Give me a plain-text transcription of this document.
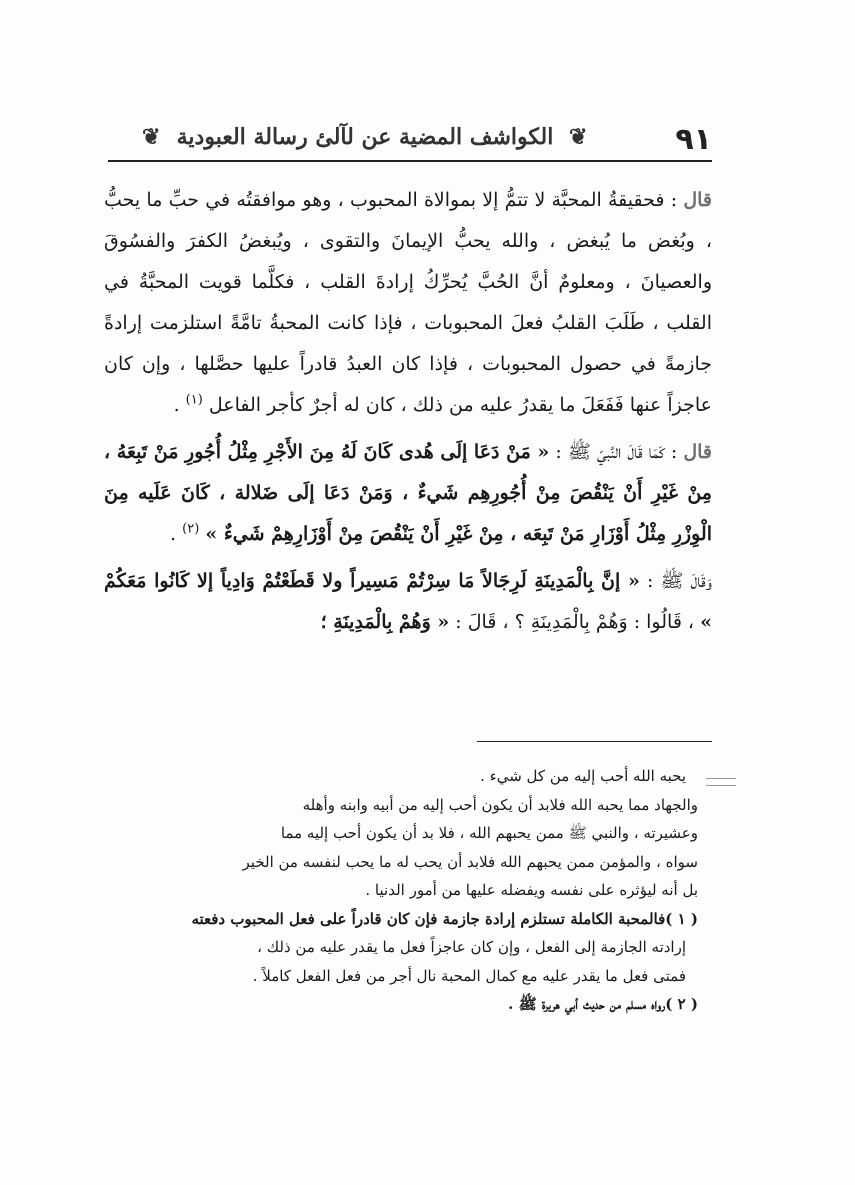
٩١
❦ الكواشف المضية عن لآلئ رسالة العبودية ❦

قال : فحقيقةُ المحبَّة لا تتمُّ إلا بموالاة المحبوب ، وهو موافقتُه في حبِّ ما يحبُّ ، وبُغض ما يُبغض ، والله يحبُّ الإيمانَ والتقوى ، ويُبغضُ الكفرَ والفسُوقَ والعصيانَ ، ومعلومٌ أنَّ الحُبَّ يُحرِّكُ إرادةَ القلب ، فكلَّما قويت المحبَّةُ في القلب ، طَلَبَ القلبُ فعلَ المحبوبات ، فإذا كانت المحبةُ تامَّةً استلزمت إرادةً جازمةً في حصول المحبوبات ، فإذا كان العبدُ قادراً عليها حصَّلها ، وإن كان عاجزاً عنها فَفَعَلَ ما يقدرُ عليه من ذلك ، كان له أجرٌ كأجر الفاعل $^{(١)}$ .

قال : كَمَا قَالَ النَّبيّ ﷺ : « مَنْ دَعَا إلَى هُدى كَانَ لَهُ مِنَ الأَجْرِ مِثْلُ أُجُورِ مَنْ تَبِعَهُ ، مِنْ غَيْرِ أَنْ يَنْقُصَ مِنْ أُجُورِهِم شَيءٌ ، وَمَنْ دَعَا إلَى ضَلالة ، كَانَ عَلَيه مِنَ الْوِزْرِ مِثْلُ أَوْزَارِ مَنْ تَبِعَه ، مِنْ غَيْرِ أَنْ يَنْقُصَ مِنْ أَوْزَارِهِمْ شَيءٌ » $^{(٢)}$ .

وَقَالَ ﷺ : « إنَّ بِالْمَدِينَةِ لَرِجَالاً مَا سِرْتُمْ مَسِيراً ولا قَطَعْتُمْ وَادِياً إلا كَانُوا مَعَكُمْ » ، قَالُوا : وَهُمْ بِالْمَدِينَةِ ؟ ، قَالَ : « وَهُمْ بِالْمَدِينَةِ ؛

يحبه الله أحب إليه من كل شيء .
والجهاد مما يحبه الله فلابد أن يكون أحب إليه من أبيه وابنه وأهله
وعشيرته ، والنبي ﷺ ممن يحبهم الله ، فلا بد أن يكون أحب إليه مما
سواه ، والمؤمن ممن يحبهم الله فلابد أن يحب له ما يحب لنفسه من الخير
بل أنه ليؤثره على نفسه ويفضله عليها من أمور الدنيا .
( ١ )فالمحبة الكاملة تستلزم إرادة جازمة فإن كان قادراً على فعل المحبوب دفعته
إرادته الجازمة إلى الفعل ، وإن كان عاجزاً فعل ما يقدر عليه من ذلك ،
فمتى فعل ما يقدر عليه مع كمال المحبة نال أجر من فعل الفعل كاملاً .
( ٢ )رواه مسلم من حديث أبي هريرة ﷺ .
